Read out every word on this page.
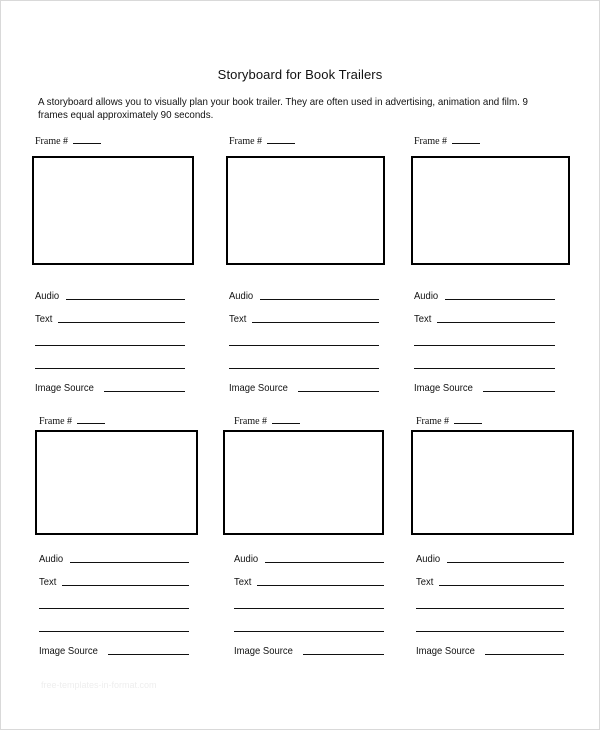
Storyboard for Book Trailers
A storyboard allows you to visually plan your book trailer. They are often used in advertising, animation and film. 9 frames equal approximately 90 seconds.
Frame #
Audio
Text
Image Source
Frame #
Audio
Text
Image Source
Frame #
Audio
Text
Image Source
Frame #
Audio
Text
Image Source
Frame #
Audio
Text
Image Source
Frame #
Audio
Text
Image Source
free-templates-in-format.com
